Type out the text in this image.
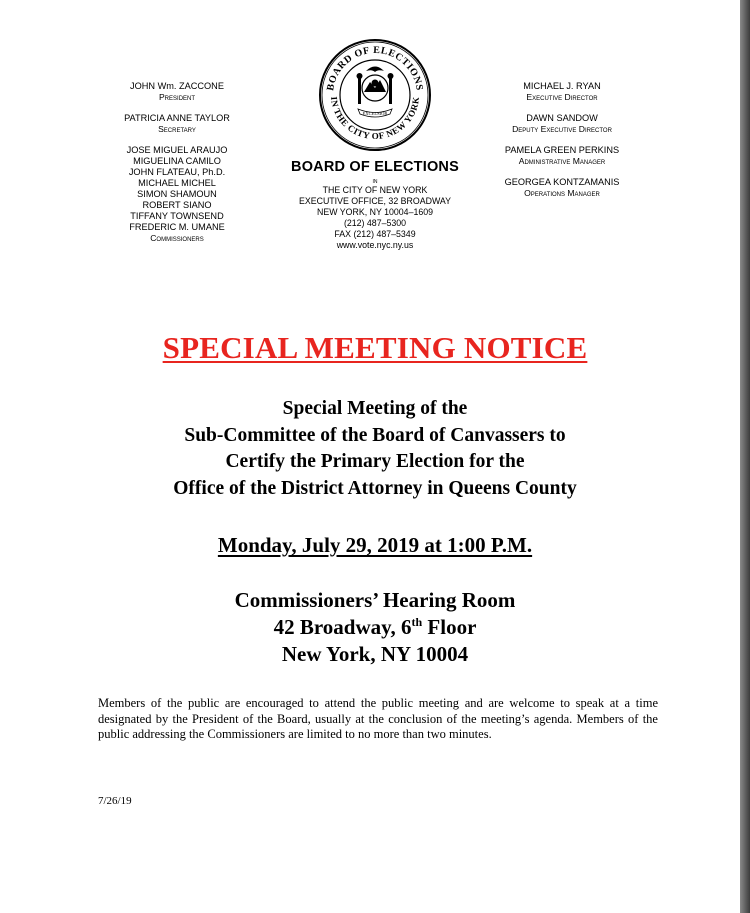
JOHN Wm. ZACCONE
President
PATRICIA ANNE TAYLOR
Secretary
JOSE MIGUEL ARAUJO
MIGUELINA CAMILO
JOHN FLATEAU, Ph.D.
MICHAEL MICHEL
SIMON SHAMOUN
ROBERT SIANO
TIFFANY TOWNSEND
FREDERIC M. UMANE
Commissioners
BOARD OF ELECTIONS
IN THE CITY OF NEW YORK
EXCELSIOR
BOARD OF ELECTIONS
in
THE CITY OF NEW YORK
EXECUTIVE OFFICE, 32 BROADWAY
NEW YORK, NY 10004–1609
(212) 487–5300
FAX (212) 487–5349
www.vote.nyc.ny.us
MICHAEL J. RYAN
Executive Director
DAWN SANDOW
Deputy Executive Director
PAMELA GREEN PERKINS
Administrative Manager
GEORGEA KONTZAMANIS
Operations Manager
SPECIAL MEETING NOTICE
Special Meeting of the
Sub-Committee of the Board of Canvassers to
Certify the Primary Election for the
Office of the District Attorney in Queens County
Monday, July 29, 2019 at 1:00 P.M.
Commissioners’ Hearing Room
42 Broadway, 6th Floor
New York, NY 10004
Members of the public are encouraged to attend the public meeting and are welcome to speak at a time designated by the President of the Board, usually at the conclusion of the meeting’s agenda. Members of the public addressing the Commissioners are limited to no more than two minutes.
7/26/19
